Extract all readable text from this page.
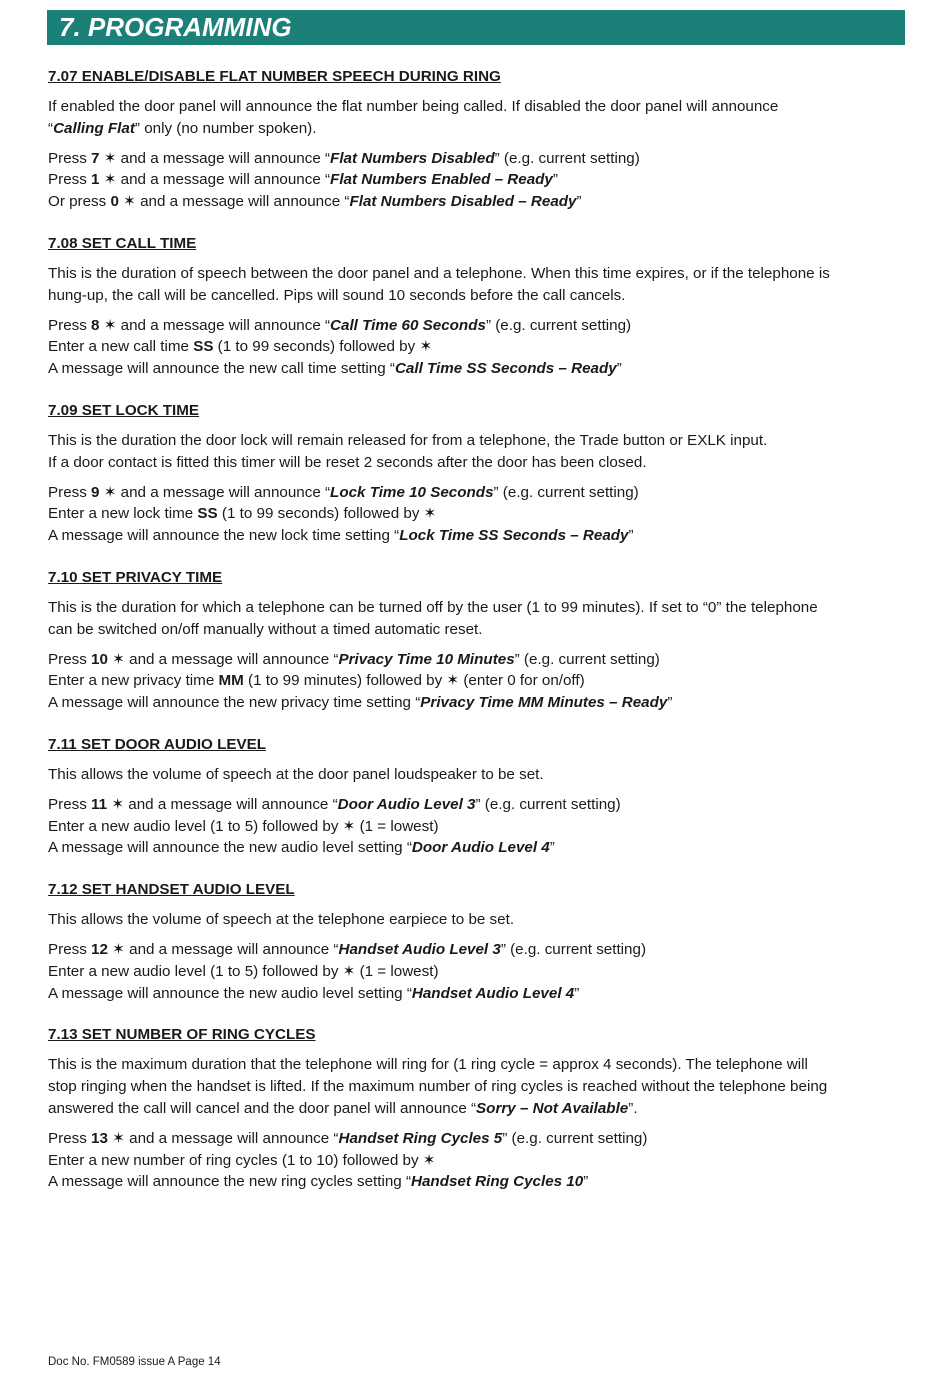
7. PROGRAMMING
7.07 ENABLE/DISABLE FLAT NUMBER SPEECH DURING RING
If enabled the door panel will announce the flat number being called. If disabled the door panel will announce
“Calling Flat” only (no number spoken).
Press 7 ✶ and a message will announce “Flat Numbers Disabled” (e.g. current setting)
Press 1 ✶ and a message will announce “Flat Numbers Enabled – Ready”
Or press 0 ✶ and a message will announce “Flat Numbers Disabled – Ready”
7.08 SET CALL TIME
This is the duration of speech between the door panel and a telephone. When this time expires, or if the telephone is
hung-up, the call will be cancelled. Pips will sound 10 seconds before the call cancels.
Press 8 ✶ and a message will announce “Call Time 60 Seconds” (e.g. current setting)
Enter a new call time SS (1 to 99 seconds) followed by ✶
A message will announce the new call time setting “Call Time SS Seconds – Ready”
7.09 SET LOCK TIME
This is the duration the door lock will remain released for from a telephone, the Trade button or EXLK input.
If a door contact is fitted this timer will be reset 2 seconds after the door has been closed.
Press 9 ✶ and a message will announce “Lock Time 10 Seconds” (e.g. current setting)
Enter a new lock time SS (1 to 99 seconds) followed by ✶
A message will announce the new lock time setting “Lock Time SS Seconds – Ready”
7.10 SET PRIVACY TIME
This is the duration for which a telephone can be turned off by the user (1 to 99 minutes). If set to “0” the telephone
can be switched on/off manually without a timed automatic reset.
Press 10 ✶ and a message will announce “Privacy Time 10 Minutes” (e.g. current setting)
Enter a new privacy time MM (1 to 99 minutes) followed by ✶ (enter 0 for on/off)
A message will announce the new privacy time setting “Privacy Time MM Minutes – Ready”
7.11 SET DOOR AUDIO LEVEL
This allows the volume of speech at the door panel loudspeaker to be set.
Press 11 ✶ and a message will announce “Door Audio Level 3” (e.g. current setting)
Enter a new audio level (1 to 5) followed by ✶ (1 = lowest)
A message will announce the new audio level setting “Door Audio Level 4”
7.12 SET HANDSET AUDIO LEVEL
This allows the volume of speech at the telephone earpiece to be set.
Press 12 ✶ and a message will announce “Handset Audio Level 3” (e.g. current setting)
Enter a new audio level (1 to 5) followed by ✶ (1 = lowest)
A message will announce the new audio level setting “Handset Audio Level 4”
7.13 SET NUMBER OF RING CYCLES
This is the maximum duration that the telephone will ring for (1 ring cycle = approx 4 seconds). The telephone will
stop ringing when the handset is lifted. If the maximum number of ring cycles is reached without the telephone being
answered the call will cancel and the door panel will announce “Sorry – Not Available”.
Press 13 ✶ and a message will announce “Handset Ring Cycles 5” (e.g. current setting)
Enter a new number of ring cycles (1 to 10) followed by ✶
A message will announce the new ring cycles setting “Handset Ring Cycles 10”
Doc No. FM0589 issue A Page 14
